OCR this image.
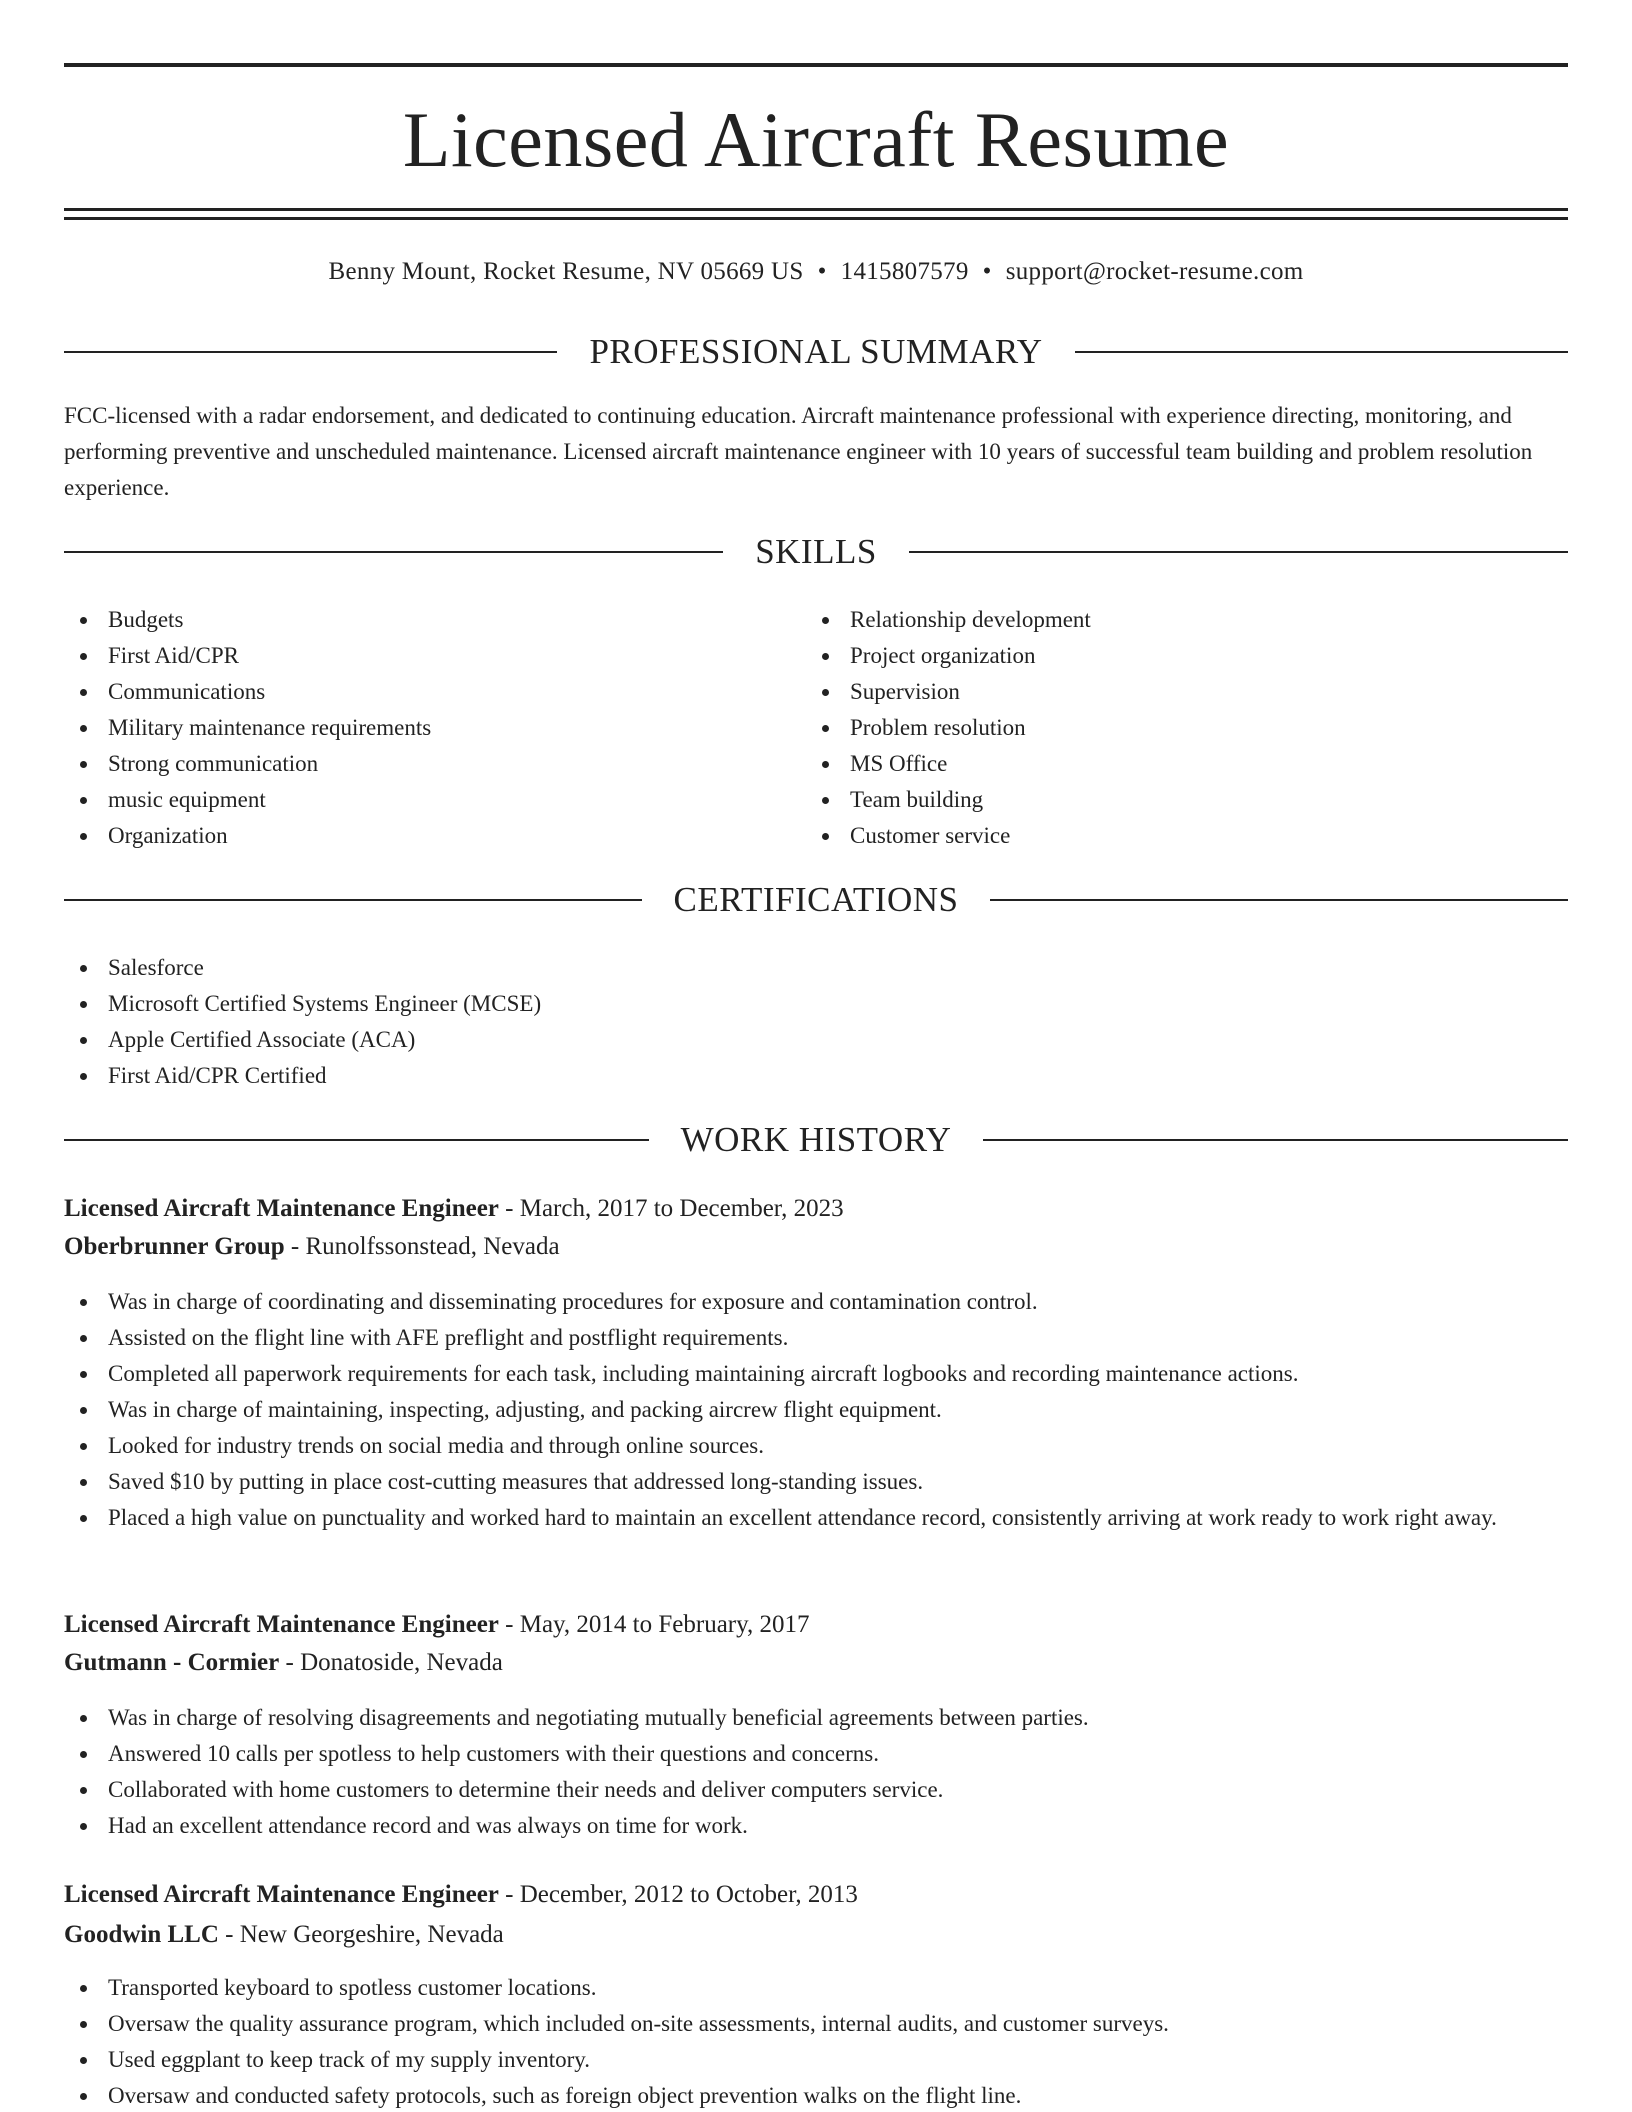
Licensed Aircraft Resume
Benny Mount, Rocket Resume, NV 05669 US • 1415807579 • support@rocket-resume.com
PROFESSIONAL SUMMARY

FCC-licensed with a radar endorsement, and dedicated to continuing education. Aircraft maintenance professional with experience directing, monitoring, and performing preventive and unscheduled maintenance. Licensed aircraft maintenance engineer with 10 years of successful team building and problem resolution experience.

SKILLS
Budgets
First Aid/CPR
Communications
Military maintenance requirements
Strong communication
music equipment
Organization
Relationship development
Project organization
Supervision
Problem resolution
MS Office
Team building
Customer service
CERTIFICATIONS
Salesforce
Microsoft Certified Systems Engineer (MCSE)
Apple Certified Associate (ACA)
First Aid/CPR Certified
WORK HISTORY
Licensed Aircraft Maintenance Engineer - March, 2017 to December, 2023
Oberbrunner Group - Runolfssonstead, Nevada
Was in charge of coordinating and disseminating procedures for exposure and contamination control.
Assisted on the flight line with AFE preflight and postflight requirements.
Completed all paperwork requirements for each task, including maintaining aircraft logbooks and recording maintenance actions.
Was in charge of maintaining, inspecting, adjusting, and packing aircrew flight equipment.
Looked for industry trends on social media and through online sources.
Saved $10 by putting in place cost-cutting measures that addressed long-standing issues.
Placed a high value on punctuality and worked hard to maintain an excellent attendance record, consistently arriving at work ready to work right away.
Licensed Aircraft Maintenance Engineer - May, 2014 to February, 2017
Gutmann - Cormier - Donatoside, Nevada
Was in charge of resolving disagreements and negotiating mutually beneficial agreements between parties.
Answered 10 calls per spotless to help customers with their questions and concerns.
Collaborated with home customers to determine their needs and deliver computers service.
Had an excellent attendance record and was always on time for work.
Licensed Aircraft Maintenance Engineer - December, 2012 to October, 2013
Goodwin LLC - New Georgeshire, Nevada
Transported keyboard to spotless customer locations.
Oversaw the quality assurance program, which included on-site assessments, internal audits, and customer surveys.
Used eggplant to keep track of my supply inventory.
Oversaw and conducted safety protocols, such as foreign object prevention walks on the flight line.
